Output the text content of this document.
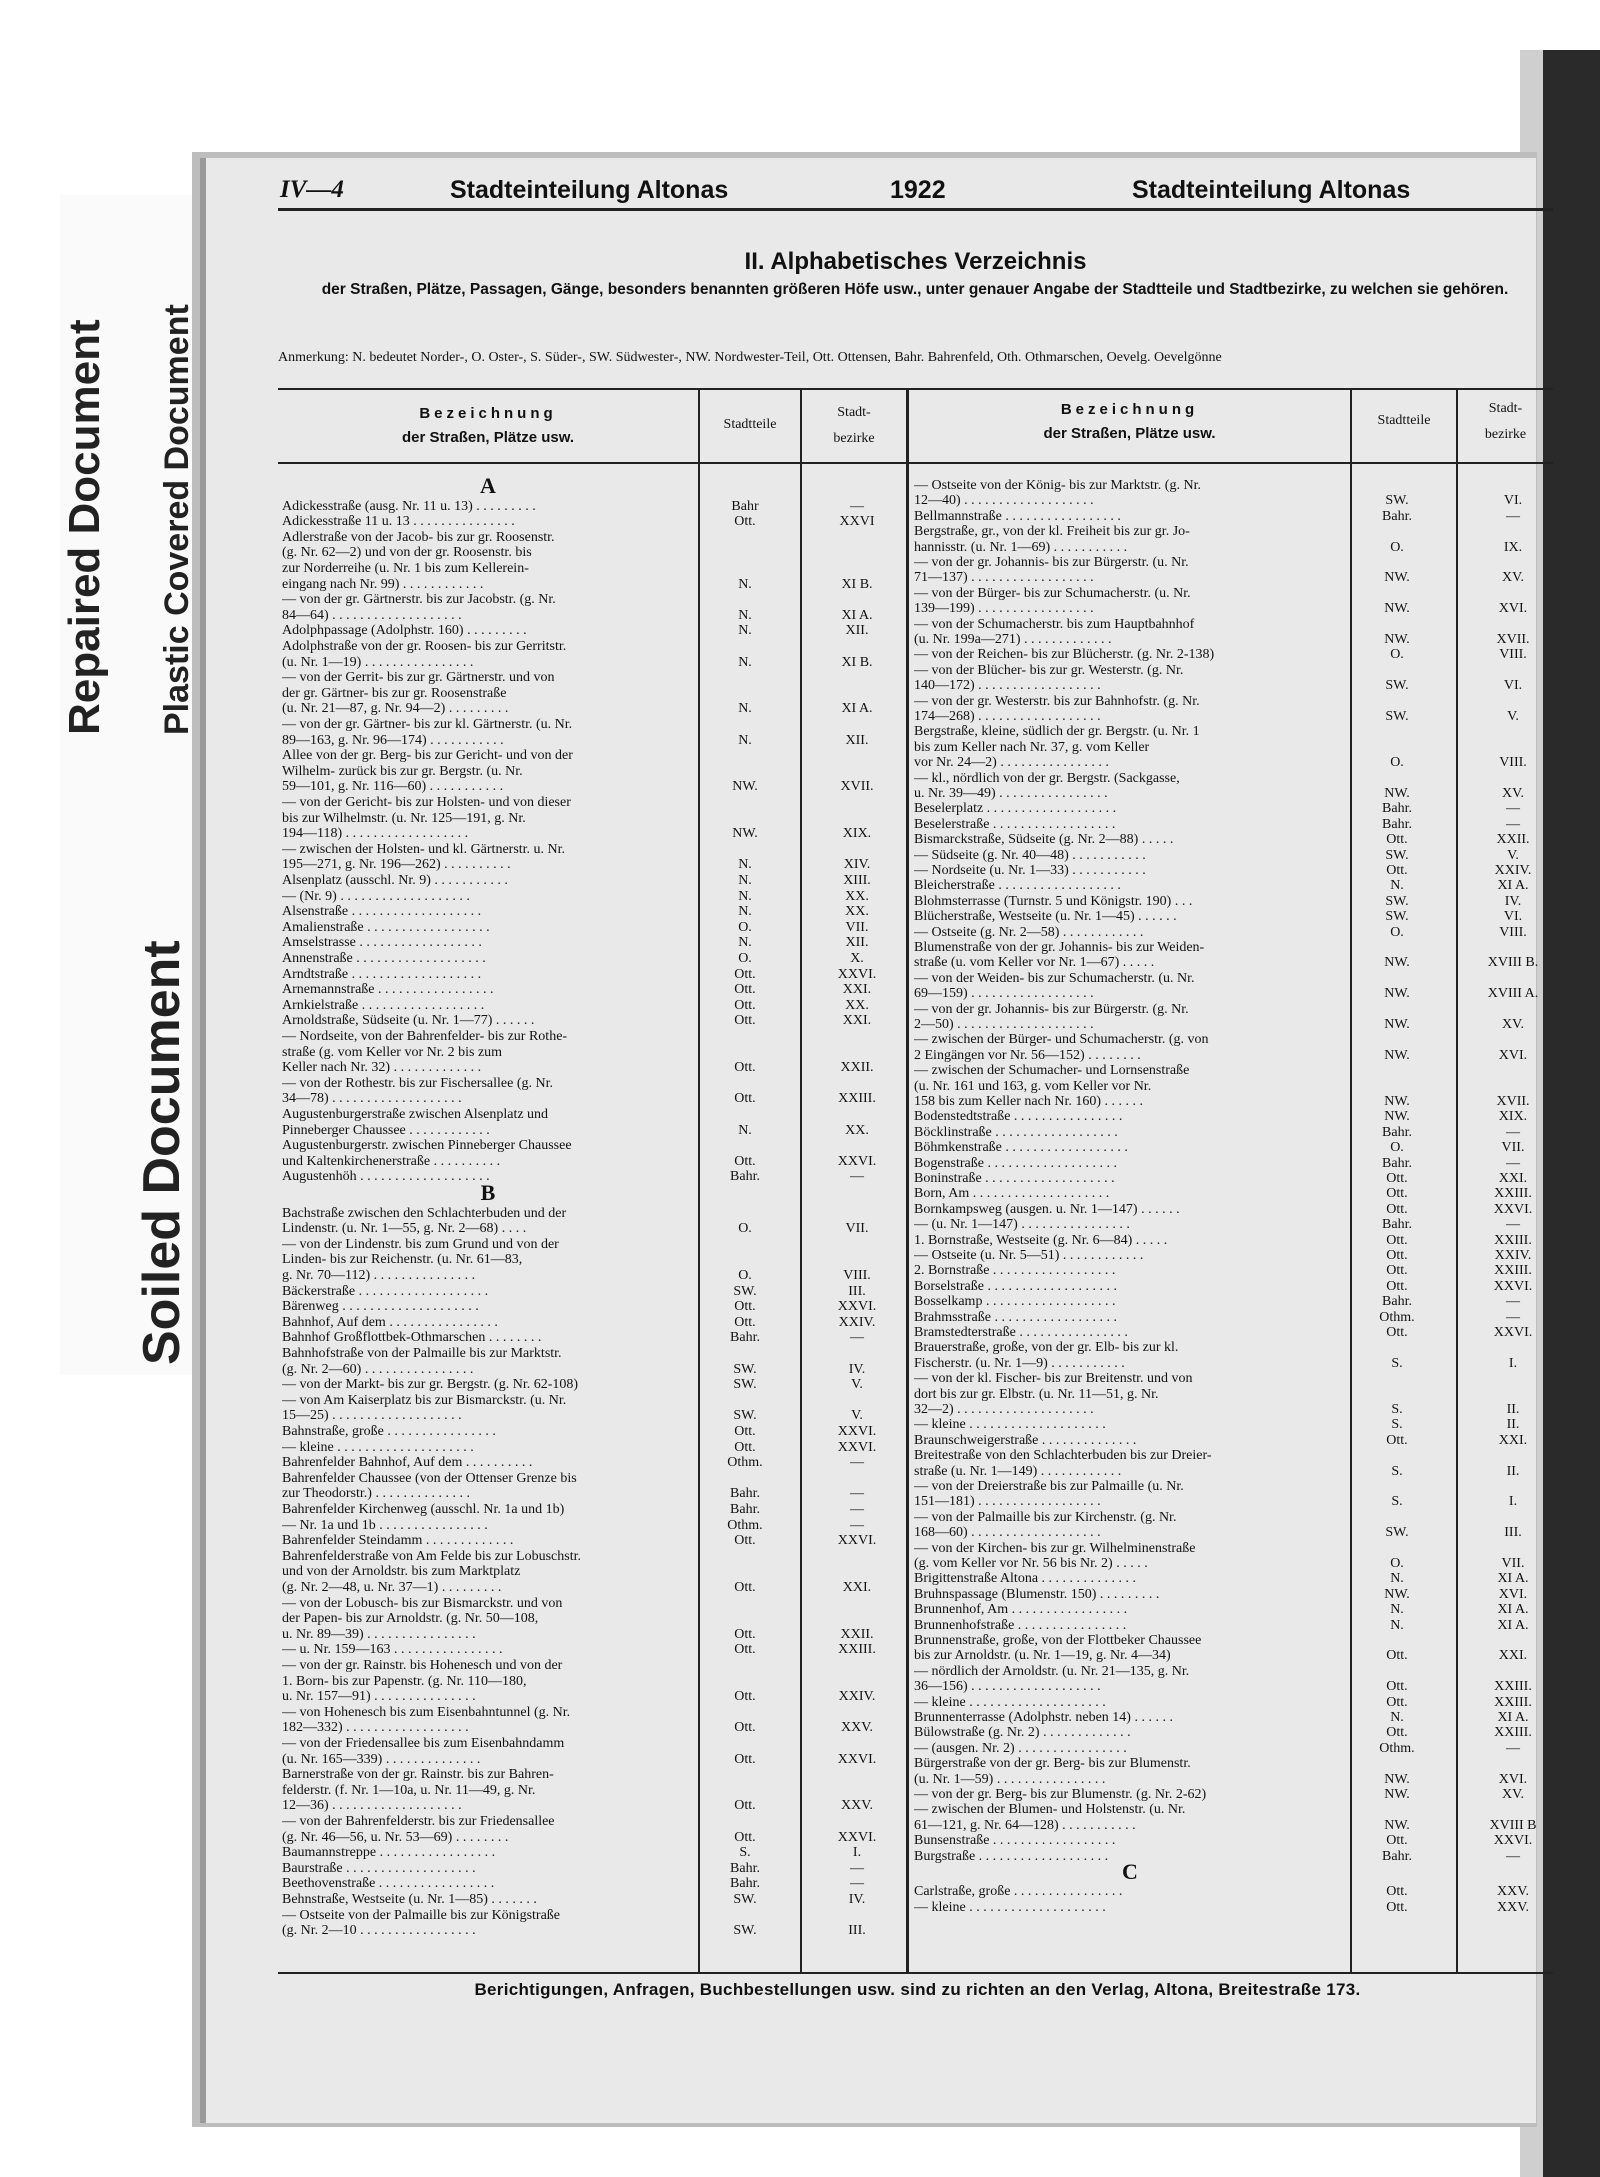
Repaired Document Plastic Covered Document
Soiled Document
IV—4	Stadteinteilung Altonas	1922	Stadteinteilung Altonas
II. Alphabetisches Verzeichnis
der Straßen, Plätze, Passagen, Gänge, besonders benannten größeren Höfe usw., unter genauer Angabe der Stadtteile und Stadtbezirke, zu welchen sie gehören.
Anmerkung: N. bedeutet Norder-, O. Oster-, S. Süder-, SW. Südwester-, NW. Nordwester-Teil, Ott. Ottensen, Bahr. Bahrenfeld, Oth. Othmarschen, Oevelg. Oevelgönne
Bezeichnung
der Straßen, Plätze usw.
Stadtteile
Stadt-
bezirke
Bezeichnung
der Straßen, Plätze usw.
Stadtteile
Stadt-
bezirke
A
Adickesstraße (ausg. Nr. 11 u. 13) . . . . . . . . .	Bahr	—
Adickesstraße 11 u. 13 . . . . . . . . . . . . . . .	Ott.	XXVI
Adlerstraße von der Jacob- bis zur gr. Roosenstr.
(g. Nr. 62—2) und von der gr. Roosenstr. bis
zur Norderreihe (u. Nr. 1 bis zum Kellerein-
eingang nach Nr. 99) . . . . . . . . . . . .	N.	XI B.
— von der gr. Gärtnerstr. bis zur Jacobstr. (g. Nr.
84—64) . . . . . . . . . . . . . . . . . . .	N.	XI A.
Adolphpassage (Adolphstr. 160) . . . . . . . . .	N.	XII.
Adolphstraße von der gr. Roosen- bis zur Gerritstr.
(u. Nr. 1—19) . . . . . . . . . . . . . . . .	N.	XI B.
— von der Gerrit- bis zur gr. Gärtnerstr. und von
der gr. Gärtner- bis zur gr. Roosenstraße
(u. Nr. 21—87, g. Nr. 94—2) . . . . . . . . .	N.	XI A.
— von der gr. Gärtner- bis zur kl. Gärtnerstr. (u. Nr.
89—163, g. Nr. 96—174) . . . . . . . . . . .	N.	XII.
Allee von der gr. Berg- bis zur Gericht- und von der
Wilhelm- zurück bis zur gr. Bergstr. (u. Nr.
59—101, g. Nr. 116—60) . . . . . . . . . . .	NW.	XVII.
— von der Gericht- bis zur Holsten- und von dieser
bis zur Wilhelmstr. (u. Nr. 125—191, g. Nr.
194—118) . . . . . . . . . . . . . . . . . .	NW.	XIX.
— zwischen der Holsten- und kl. Gärtnerstr. u. Nr.
195—271, g. Nr. 196—262) . . . . . . . . . .	N.	XIV.
Alsenplatz (ausschl. Nr. 9) . . . . . . . . . . .	N.	XIII.
— (Nr. 9) . . . . . . . . . . . . . . . . . . .	N.	XX.
Alsenstraße . . . . . . . . . . . . . . . . . . .	N.	XX.
Amalienstraße . . . . . . . . . . . . . . . . . .	O.	VII.
Amselstrasse . . . . . . . . . . . . . . . . . .	N.	XII.
Annenstraße . . . . . . . . . . . . . . . . . . .	O.	X.
Arndtstraße . . . . . . . . . . . . . . . . . . .	Ott.	XXVI.
Arnemannstraße . . . . . . . . . . . . . . . . .	Ott.	XXI.
Arnkielstraße . . . . . . . . . . . . . . . . . .	Ott.	XX.
Arnoldstraße, Südseite (u. Nr. 1—77) . . . . . .	Ott.	XXI.
— Nordseite, von der Bahrenfelder- bis zur Rothe-
straße (g. vom Keller vor Nr. 2 bis zum
Keller nach Nr. 32) . . . . . . . . . . . . .	Ott.	XXII.
— von der Rothestr. bis zur Fischersallee (g. Nr.
34—78) . . . . . . . . . . . . . . . . . . .	Ott.	XXIII.
Augustenburgerstraße zwischen Alsenplatz und
Pinneberger Chaussee . . . . . . . . . . . .	N.	XX.
Augustenburgerstr. zwischen Pinneberger Chaussee
und Kaltenkirchenerstraße . . . . . . . . . .	Ott.	XXVI.
Augustenhöh . . . . . . . . . . . . . . . . . . .	Bahr.	—
B
Bachstraße zwischen den Schlachterbuden und der
Lindenstr. (u. Nr. 1—55, g. Nr. 2—68) . . . .	O.	VII.
— von der Lindenstr. bis zum Grund und von der
Linden- bis zur Reichenstr. (u. Nr. 61—83,
g. Nr. 70—112) . . . . . . . . . . . . . . .	O.	VIII.
Bäckerstraße . . . . . . . . . . . . . . . . . . .	SW.	III.
Bärenweg . . . . . . . . . . . . . . . . . . . .	Ott.	XXVI.
Bahnhof, Auf dem . . . . . . . . . . . . . . . .	Ott.	XXIV.
Bahnhof Großflottbek-Othmarschen . . . . . . . .	Bahr.	—
Bahnhofstraße von der Palmaille bis zur Marktstr.
(g. Nr. 2—60) . . . . . . . . . . . . . . . .	SW.	IV.
— von der Markt- bis zur gr. Bergstr. (g. Nr. 62-108)	SW.	V.
— von Am Kaiserplatz bis zur Bismarckstr. (u. Nr.
15—25) . . . . . . . . . . . . . . . . . . .	SW.	V.
Bahnstraße, große . . . . . . . . . . . . . . . .	Ott.	XXVI.
— kleine . . . . . . . . . . . . . . . . . . . .	Ott.	XXVI.
Bahrenfelder Bahnhof, Auf dem . . . . . . . . . .	Othm.	—
Bahrenfelder Chaussee (von der Ottenser Grenze bis
zur Theodorstr.) . . . . . . . . . . . . . .	Bahr.	—
Bahrenfelder Kirchenweg (ausschl. Nr. 1a und 1b)	Bahr.	—
— Nr. 1a und 1b . . . . . . . . . . . . . . . .	Othm.	—
Bahrenfelder Steindamm . . . . . . . . . . . . .	Ott.	XXVI.
Bahrenfelderstraße von Am Felde bis zur Lobuschstr.
und von der Arnoldstr. bis zum Marktplatz
(g. Nr. 2—48, u. Nr. 37—1) . . . . . . . . .	Ott.	XXI.
— von der Lobusch- bis zur Bismarckstr. und von
der Papen- bis zur Arnoldstr. (g. Nr. 50—108,
u. Nr. 89—39) . . . . . . . . . . . . . . . .	Ott.	XXII.
— u. Nr. 159—163 . . . . . . . . . . . . . . . .	Ott.	XXIII.
— von der gr. Rainstr. bis Hohenesch und von der
1. Born- bis zur Papenstr. (g. Nr. 110—180,
u. Nr. 157—91) . . . . . . . . . . . . . . .	Ott.	XXIV.
— von Hohenesch bis zum Eisenbahntunnel (g. Nr.
182—332) . . . . . . . . . . . . . . . . . .	Ott.	XXV.
— von der Friedensallee bis zum Eisenbahndamm
(u. Nr. 165—339) . . . . . . . . . . . . . .	Ott.	XXVI.
Barnerstraße von der gr. Rainstr. bis zur Bahren-
felderstr. (f. Nr. 1—10a, u. Nr. 11—49, g. Nr.
12—36) . . . . . . . . . . . . . . . . . . .	Ott.	XXV.
— von der Bahrenfelderstr. bis zur Friedensallee
(g. Nr. 46—56, u. Nr. 53—69) . . . . . . . .	Ott.	XXVI.
Baumannstreppe . . . . . . . . . . . . . . . . .	S.	I.
Baurstraße . . . . . . . . . . . . . . . . . . .	Bahr.	—
Beethovenstraße . . . . . . . . . . . . . . . . .	Bahr.	—
Behnstraße, Westseite (u. Nr. 1—85) . . . . . . .	SW.	IV.
— Ostseite von der Palmaille bis zur Königstraße
(g. Nr. 2—10 . . . . . . . . . . . . . . . . .	SW.	III.
— Ostseite von der König- bis zur Marktstr. (g. Nr.
12—40) . . . . . . . . . . . . . . . . . . .	SW.	VI.
Bellmannstraße . . . . . . . . . . . . . . . . .	Bahr.	—
Bergstraße, gr., von der kl. Freiheit bis zur gr. Jo-
hannisstr. (u. Nr. 1—69) . . . . . . . . . . .	O.	IX.
— von der gr. Johannis- bis zur Bürgerstr. (u. Nr.
71—137) . . . . . . . . . . . . . . . . . .	NW.	XV.
— von der Bürger- bis zur Schumacherstr. (u. Nr.
139—199) . . . . . . . . . . . . . . . . .	NW.	XVI.
— von der Schumacherstr. bis zum Hauptbahnhof
(u. Nr. 199a—271) . . . . . . . . . . . . .	NW.	XVII.
— von der Reichen- bis zur Blücherstr. (g. Nr. 2-138)	O.	VIII.
— von der Blücher- bis zur gr. Westerstr. (g. Nr.
140—172) . . . . . . . . . . . . . . . . . .	SW.	VI.
— von der gr. Westerstr. bis zur Bahnhofstr. (g. Nr.
174—268) . . . . . . . . . . . . . . . . . .	SW.	V.
Bergstraße, kleine, südlich der gr. Bergstr. (u. Nr. 1
bis zum Keller nach Nr. 37, g. vom Keller
vor Nr. 24—2) . . . . . . . . . . . . . . . .	O.	VIII.
— kl., nördlich von der gr. Bergstr. (Sackgasse,
u. Nr. 39—49) . . . . . . . . . . . . . . . .	NW.	XV.
Beselerplatz . . . . . . . . . . . . . . . . . . .	Bahr.	—
Beselerstraße . . . . . . . . . . . . . . . . . .	Bahr.	—
Bismarckstraße, Südseite (g. Nr. 2—88) . . . . .	Ott.	XXII.
— Südseite (g. Nr. 40—48) . . . . . . . . . . .	SW.	V.
— Nordseite (u. Nr. 1—33) . . . . . . . . . . .	Ott.	XXIV.
Bleicherstraße . . . . . . . . . . . . . . . . . .	N.	XI A.
Blohmsterrasse (Turnstr. 5 und Königstr. 190) . . .	SW.	IV.
Blücherstraße, Westseite (u. Nr. 1—45) . . . . . .	SW.	VI.
— Ostseite (g. Nr. 2—58) . . . . . . . . . . . .	O.	VIII.
Blumenstraße von der gr. Johannis- bis zur Weiden-
straße (u. vom Keller vor Nr. 1—67) . . . . .	NW.	XVIII B.
— von der Weiden- bis zur Schumacherstr. (u. Nr.
69—159) . . . . . . . . . . . . . . . . . .	NW.	XVIII A.
— von der gr. Johannis- bis zur Bürgerstr. (g. Nr.
2—50) . . . . . . . . . . . . . . . . . . . .	NW.	XV.
— zwischen der Bürger- und Schumacherstr. (g. von
2 Eingängen vor Nr. 56—152) . . . . . . . .	NW.	XVI.
— zwischen der Schumacher- und Lornsenstraße
(u. Nr. 161 und 163, g. vom Keller vor Nr.
158 bis zum Keller nach Nr. 160) . . . . . .	NW.	XVII.
Bodenstedtstraße . . . . . . . . . . . . . . . .	NW.	XIX.
Böcklinstraße . . . . . . . . . . . . . . . . . .	Bahr.	—
Böhmkenstraße . . . . . . . . . . . . . . . . . .	O.	VII.
Bogenstraße . . . . . . . . . . . . . . . . . . .	Bahr.	—
Boninstraße . . . . . . . . . . . . . . . . . . .	Ott.	XXI.
Born, Am . . . . . . . . . . . . . . . . . . . .	Ott.	XXIII.
Bornkampsweg (ausgen. u. Nr. 1—147) . . . . . .	Ott.	XXVI.
— (u. Nr. 1—147) . . . . . . . . . . . . . . . .	Bahr.	—
1. Bornstraße, Westseite (g. Nr. 6—84) . . . . .	Ott.	XXIII.
— Ostseite (u. Nr. 5—51) . . . . . . . . . . . .	Ott.	XXIV.
2. Bornstraße . . . . . . . . . . . . . . . . . .	Ott.	XXIII.
Borselstraße . . . . . . . . . . . . . . . . . . .	Ott.	XXVI.
Bosselkamp . . . . . . . . . . . . . . . . . . .	Bahr.	—
Brahmsstraße . . . . . . . . . . . . . . . . . .	Othm.	—
Bramstedterstraße . . . . . . . . . . . . . . . .	Ott.	XXVI.
Brauerstraße, große, von der gr. Elb- bis zur kl.
Fischerstr. (u. Nr. 1—9) . . . . . . . . . . .	S.	I.
— von der kl. Fischer- bis zur Breitenstr. und von
dort bis zur gr. Elbstr. (u. Nr. 11—51, g. Nr.
32—2) . . . . . . . . . . . . . . . . . . . .	S.	II.
— kleine . . . . . . . . . . . . . . . . . . . .	S.	II.
Braunschweigerstraße . . . . . . . . . . . . . .	Ott.	XXI.
Breitestraße von den Schlachterbuden bis zur Dreier-
straße (u. Nr. 1—149) . . . . . . . . . . . .	S.	II.
— von der Dreierstraße bis zur Palmaille (u. Nr.
151—181) . . . . . . . . . . . . . . . . . .	S.	I.
— von der Palmaille bis zur Kirchenstr. (g. Nr.
168—60) . . . . . . . . . . . . . . . . . . .	SW.	III.
— von der Kirchen- bis zur gr. Wilhelminenstraße
(g. vom Keller vor Nr. 56 bis Nr. 2) . . . . .	O.	VII.
Brigittenstraße Altona . . . . . . . . . . . . . .	N.	XI A.
Bruhnspassage (Blumenstr. 150) . . . . . . . . .	NW.	XVI.
Brunnenhof, Am . . . . . . . . . . . . . . . . .	N.	XI A.
Brunnenhofstraße . . . . . . . . . . . . . . . .	N.	XI A.
Brunnenstraße, große, von der Flottbeker Chaussee
bis zur Arnoldstr. (u. Nr. 1—19, g. Nr. 4—34)	Ott.	XXI.
— nördlich der Arnoldstr. (u. Nr. 21—135, g. Nr.
36—156) . . . . . . . . . . . . . . . . . . .	Ott.	XXIII.
— kleine . . . . . . . . . . . . . . . . . . . .	Ott.	XXIII.
Brunnenterrasse (Adolphstr. neben 14) . . . . . .	N.	XI A.
Bülowstraße (g. Nr. 2) . . . . . . . . . . . . .	Ott.	XXIII.
— (ausgen. Nr. 2) . . . . . . . . . . . . . . . .	Othm.	—
Bürgerstraße von der gr. Berg- bis zur Blumenstr.
(u. Nr. 1—59) . . . . . . . . . . . . . . . .	NW.	XVI.
— von der gr. Berg- bis zur Blumenstr. (g. Nr. 2-62)	NW.	XV.
— zwischen der Blumen- und Holstenstr. (u. Nr.
61—121, g. Nr. 64—128) . . . . . . . . . . .	NW.	XVIII B
Bunsenstraße . . . . . . . . . . . . . . . . . .	Ott.	XXVI.
Burgstraße . . . . . . . . . . . . . . . . . . .	Bahr.	—
C
Carlstraße, große . . . . . . . . . . . . . . . .	Ott.	XXV.
— kleine . . . . . . . . . . . . . . . . . . . .	Ott.	XXV.
Berichtigungen, Anfragen, Buchbestellungen usw. sind zu richten an den Verlag, Altona, Breitestraße 173.
